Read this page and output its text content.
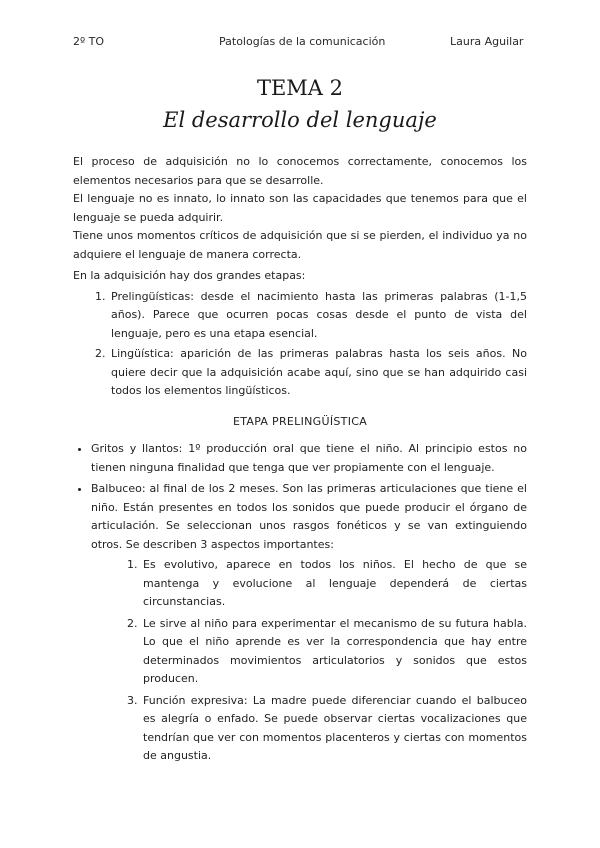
2º TO	Patologías de la comunicación	Laura Aguilar
TEMA 2
El desarrollo del lenguaje

El proceso de adquisición no lo conocemos correctamente, conocemos los elementos necesarios para que se desarrolle.

El lenguaje no es innato, lo innato son las capacidades que tenemos para que el lenguaje se pueda adquirir.

Tiene unos momentos críticos de adquisición que si se pierden, el individuo ya no adquiere el lenguaje de manera correcta.

En la adquisición hay dos grandes etapas:

1. Prelingüísticas: desde el nacimiento hasta las primeras palabras (1-1,5 años). Parece que ocurren pocas cosas desde el punto de vista del lenguaje, pero es una etapa esencial.
2. Lingüística: aparición de las primeras palabras hasta los seis años. No quiere decir que la adquisición acabe aquí, sino que se han adquirido casi todos los elementos lingüísticos.
ETAPA PRELINGÜÍSTICA
• Gritos y llantos: 1º producción oral que tiene el niño. Al principio estos no tienen ninguna finalidad que tenga que ver propiamente con el lenguaje.
• Balbuceo: al final de los 2 meses. Son las primeras articulaciones que tiene el niño. Están presentes en todos los sonidos que puede producir el órgano de articulación. Se seleccionan unos rasgos fonéticos y se van extinguiendo otros. Se describen 3 aspectos importantes:
1. Es evolutivo, aparece en todos los niños. El hecho de que se mantenga y evolucione al lenguaje dependerá de ciertas circunstancias.
2. Le sirve al niño para experimentar el mecanismo de su futura habla. Lo que el niño aprende es ver la correspondencia que hay entre determinados movimientos articulatorios y sonidos que estos producen.
3. Función expresiva: La madre puede diferenciar cuando el balbuceo es alegría o enfado. Se puede observar ciertas vocalizaciones que tendrían que ver con momentos placenteros y ciertas con momentos de angustia.
